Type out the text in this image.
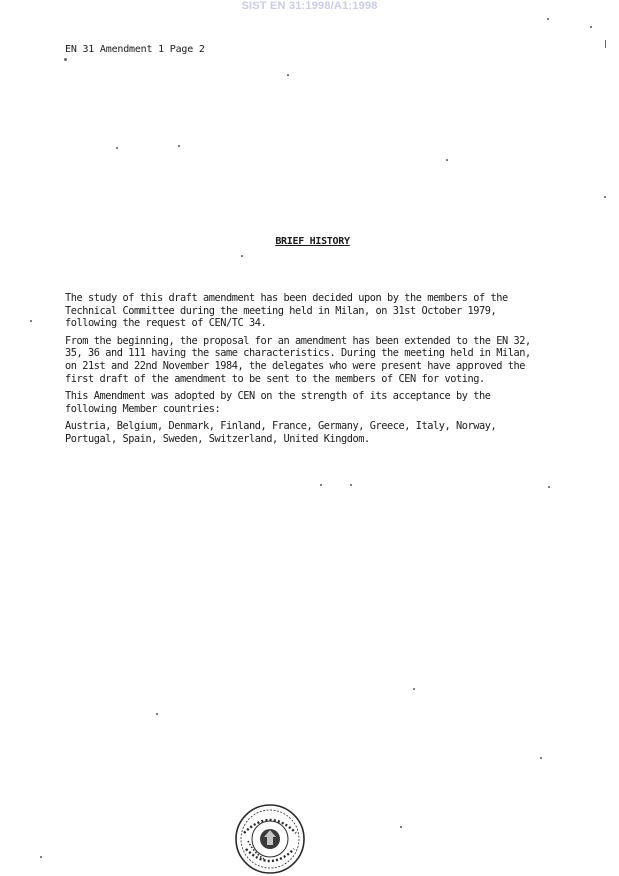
SIST EN 31:1998/A1:1998
EN 31 Amendment 1 Page 2
BRIEF HISTORY

The study of this draft amendment has been decided upon by the members of the
Technical Committee during the meeting held in Milan, on 31st October 1979,
following the request of CEN/TC 34.

From the beginning, the proposal for an amendment has been extended to the EN 32,
35, 36 and 111 having the same characteristics. During the meeting held in Milan,
on 21st and 22nd November 1984, the delegates who were present have approved the
first draft of the amendment to be sent to the members of CEN for voting.

This Amendment was adopted by CEN on the strength of its acceptance by the
following Member countries:

Austria, Belgium, Denmark, Finland, France, Germany, Greece, Italy, Norway,
Portugal, Spain, Sweden, Switzerland, United Kingdom.
